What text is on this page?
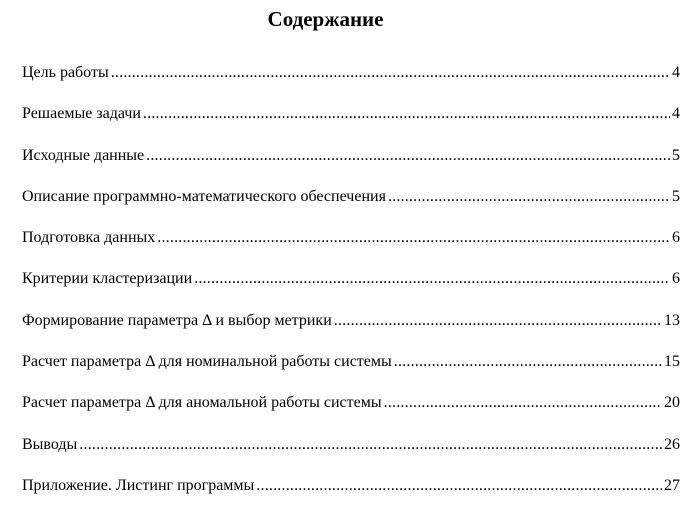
Содержание
Цель работы .....	4
Решаемые задачи .....	4
Исходные данные .....	5
Описание программно-математического обеспечения .....	5
Подготовка данных .....	6
Критерии кластеризации .....	6
Формирование параметра Δ и выбор метрики .....	13
Расчет параметра Δ для номинальной работы системы .....	15
Расчет параметра Δ для аномальной работы системы .....	20
Выводы .....	26
Приложение. Листинг программы .....	27
